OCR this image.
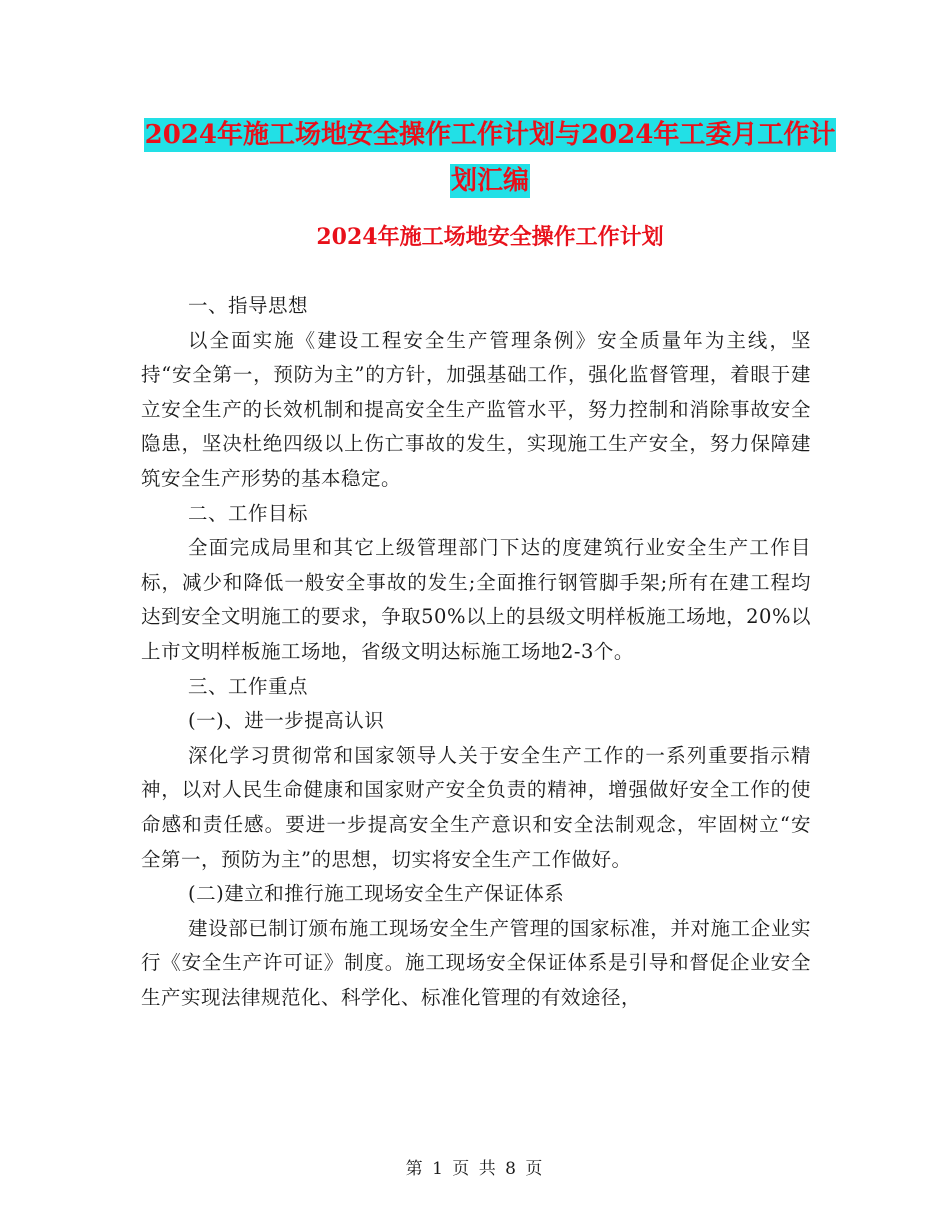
2024年施工场地安全操作工作计划与2024年工委月工作计划汇编
2024年施工场地安全操作工作计划

一、指导思想

以全面实施《建设工程安全生产管理条例》安全质量年为主线，坚持“安全第一，预防为主”的方针，加强基础工作，强化监督管理，着眼于建立安全生产的长效机制和提高安全生产监管水平，努力控制和消除事故安全隐患，坚决杜绝四级以上伤亡事故的发生，实现施工生产安全，努力保障建筑安全生产形势的基本稳定。

二、工作目标

全面完成局里和其它上级管理部门下达的度建筑行业安全生产工作目标，减少和降低一般安全事故的发生;全面推行钢管脚手架;所有在建工程均达到安全文明施工的要求，争取50%以上的县级文明样板施工场地，20%以上市文明样板施工场地，省级文明达标施工场地2-3个。

三、工作重点

(一)、进一步提高认识

深化学习贯彻常和国家领导人关于安全生产工作的一系列重要指示精神，以对人民生命健康和国家财产安全负责的精神，增强做好安全工作的使命感和责任感。要进一步提高安全生产意识和安全法制观念，牢固树立“安全第一，预防为主”的思想，切实将安全生产工作做好。

(二)建立和推行施工现场安全生产保证体系

建设部已制订颁布施工现场安全生产管理的国家标准，并对施工企业实行《安全生产许可证》制度。施工现场安全保证体系是引导和督促企业安全生产实现法律规范化、科学化、标准化管理的有效途径，

第 1 页 共 8 页
